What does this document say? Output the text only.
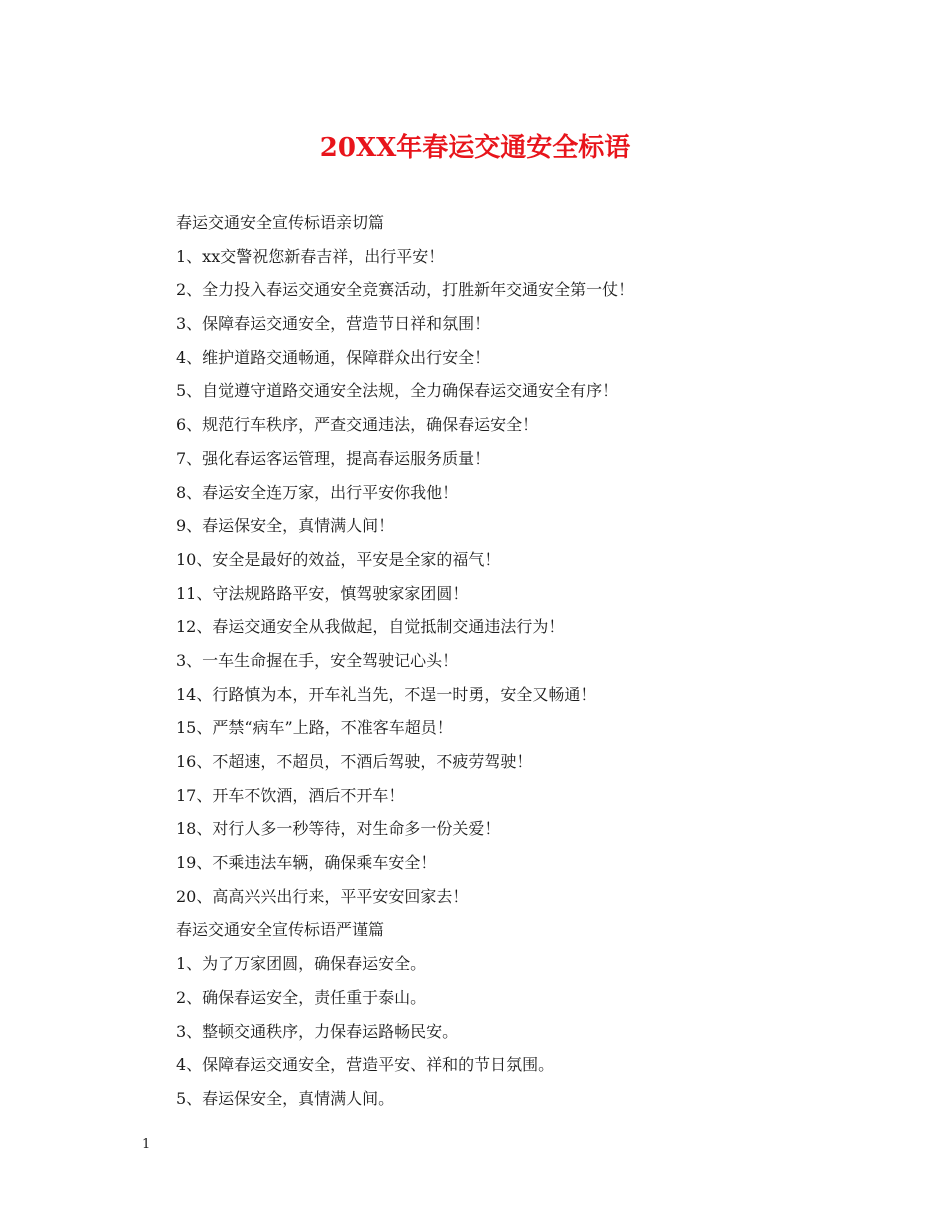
20XX年春运交通安全标语

春运交通安全宣传标语亲切篇

1、xx交警祝您新春吉祥，出行平安！

2、全力投入春运交通安全竞赛活动，打胜新年交通安全第一仗！

3、保障春运交通安全，营造节日祥和氛围！

4、维护道路交通畅通，保障群众出行安全！

5、自觉遵守道路交通安全法规，全力确保春运交通安全有序！

6、规范行车秩序，严查交通违法，确保春运安全！

7、强化春运客运管理，提高春运服务质量！

8、春运安全连万家，出行平安你我他！

9、春运保安全，真情满人间！

10、安全是最好的效益，平安是全家的福气！

11、守法规路路平安，慎驾驶家家团圆！

12、春运交通安全从我做起，自觉抵制交通违法行为！

3、一车生命握在手，安全驾驶记心头！

14、行路慎为本，开车礼当先，不逞一时勇，安全又畅通！

15、严禁“病车”上路，不准客车超员！

16、不超速，不超员，不酒后驾驶，不疲劳驾驶！

17、开车不饮酒，酒后不开车！

18、对行人多一秒等待，对生命多一份关爱！

19、不乘违法车辆，确保乘车安全！

20、高高兴兴出行来，平平安安回家去！

春运交通安全宣传标语严谨篇

1、为了万家团圆，确保春运安全。

2、确保春运安全，责任重于泰山。

3、整顿交通秩序，力保春运路畅民安。

4、保障春运交通安全，营造平安、祥和的节日氛围。

5、春运保安全，真情满人间。

1
